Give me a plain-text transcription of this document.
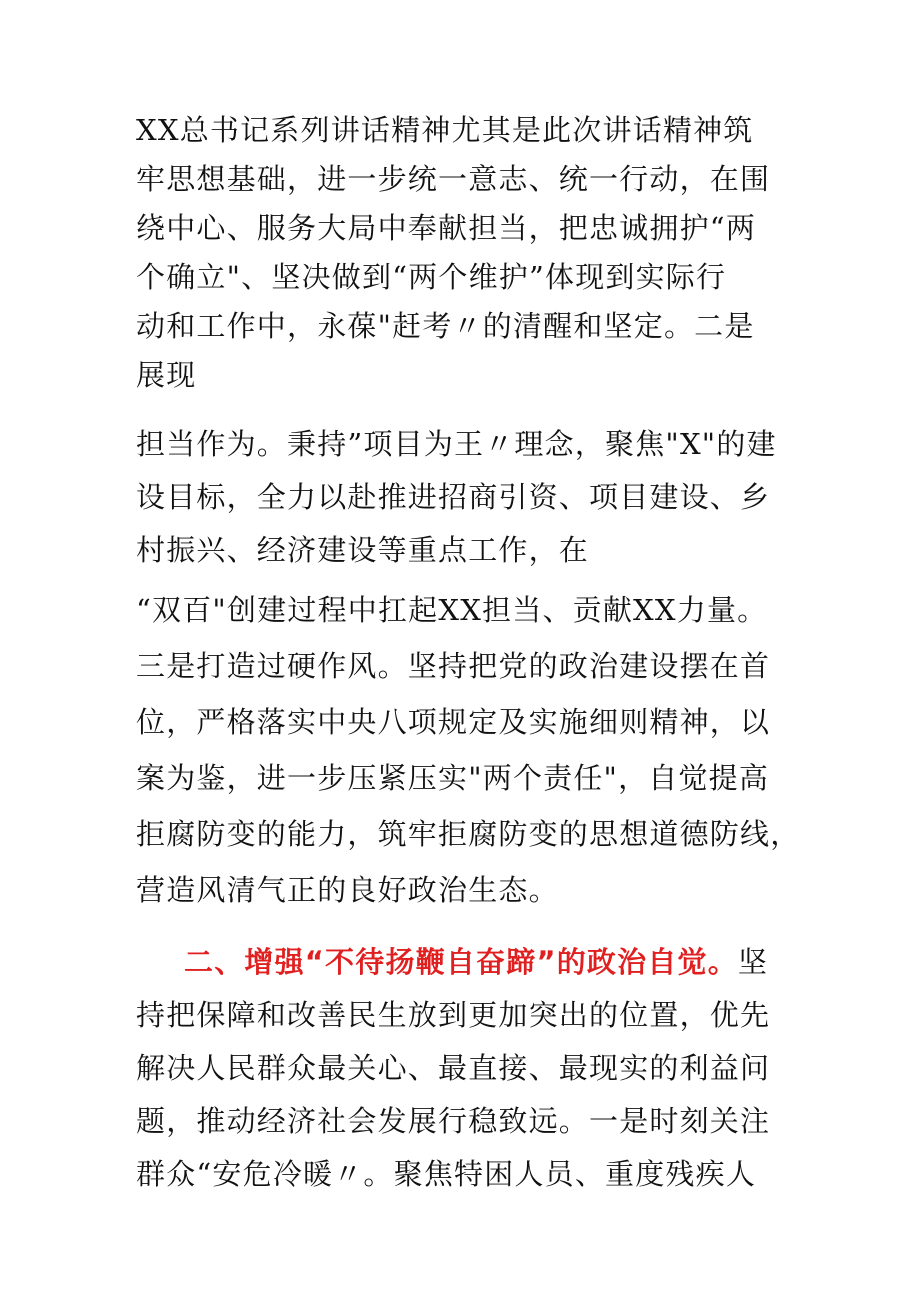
XX总书记系列讲话精神尤其是此次讲话精神筑
牢思想基础，进一步统一意志、统一行动，在围
绕中心、服务大局中奉献担当，把忠诚拥护“两
个确立"、坚决做到“两个维护”体现到实际行
动和工作中，永葆"赶考〃的清醒和坚定。二是
展现
担当作为。秉持”项目为王〃理念，聚焦"X"的建
设目标，全力以赴推进招商引资、项目建设、乡
村振兴、经济建设等重点工作，在
“双百"创建过程中扛起XX担当、贡献XX力量。
三是打造过硬作风。坚持把党的政治建设摆在首
位，严格落实中央八项规定及实施细则精神，以
案为鉴，进一步压紧压实"两个责任"，自觉提高
拒腐防变的能力，筑牢拒腐防变的思想道德防线，
营造风清气正的良好政治生态。
二、增强“不待扬鞭自奋蹄”的政治自觉。坚
持把保障和改善民生放到更加突出的位置，优先
解决人民群众最关心、最直接、最现实的利益问
题，推动经济社会发展行稳致远。一是时刻关注
群众“安危冷暖〃。聚焦特困人员、重度残疾人
